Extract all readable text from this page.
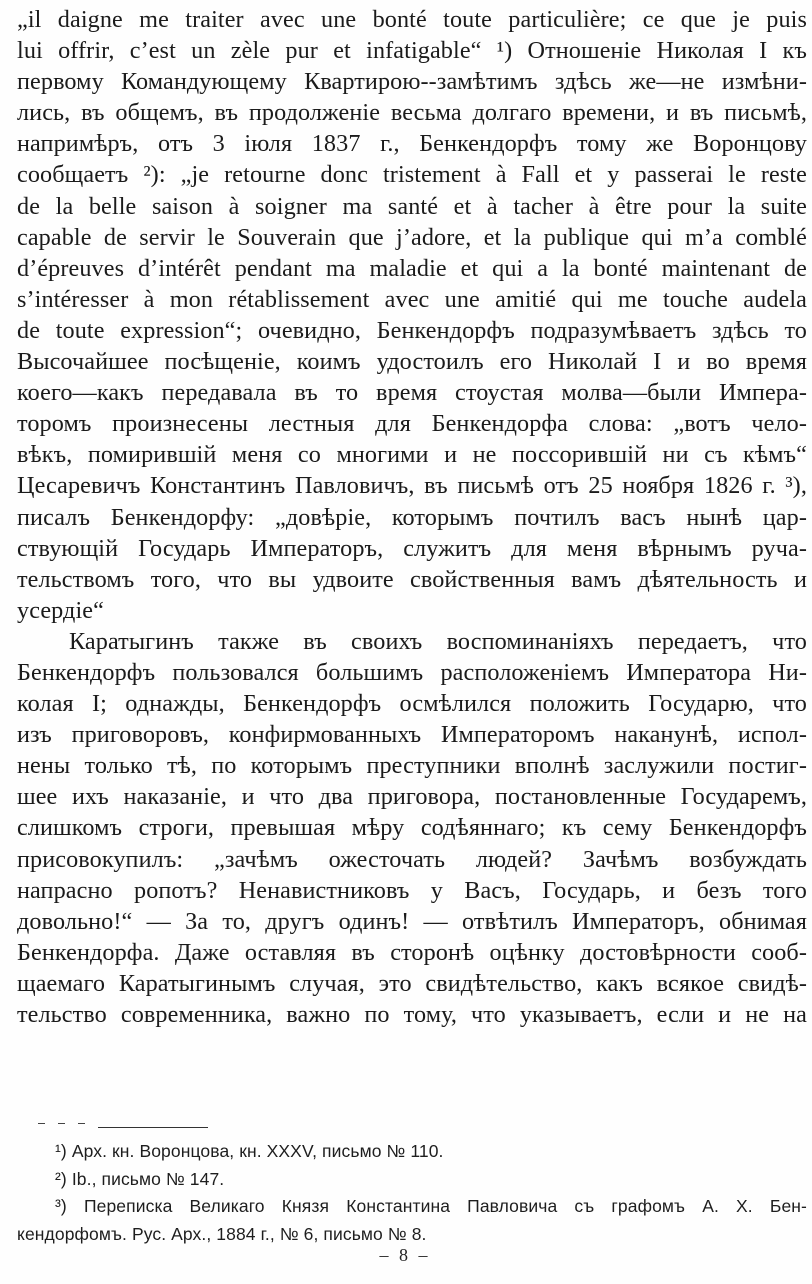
„il daigne me traiter avec une bonté toute particulière; ce que je puis
lui offrir, c’est un zèle pur et infatigable“ ¹) Отношеніе Николая I къ
первому Командующему Квартирою--замѣтимъ здѣсь же—не измѣни-
лись, въ общемъ, въ продолженіе весьма долгаго времени, и въ письмѣ,
напримѣръ, отъ 3 іюля 1837 г., Бенкендорфъ тому же Воронцову
сообщаетъ ²): „je retourne donc tristement à Fall et y passerai le reste
de la belle saison à soigner ma santé et à tacher à être pour la suite
capable de servir le Souverain que j’adore, et la publique qui m’a comblé
d’épreuves d’intérêt pendant ma maladie et qui a la bonté maintenant de
s’intéresser à mon rétablissement avec une amitié qui me touche audela
de toute expression“; очевидно, Бенкендорфъ подразумѣваетъ здѣсь то
Высочайшее посѣщеніе, коимъ удостоилъ его Николай I и во время
коего—какъ передавала въ то время стоустая молва—были Импера-
торомъ произнесены лестныя для Бенкендорфа слова: „вотъ чело-
вѣкъ, помирившій меня со многими и не поссорившій ни съ кѣмъ“
Цесаревичъ Константинъ Павловичъ, въ письмѣ отъ 25 ноября 1826 г. ³),
писалъ Бенкендорфу: „довѣріе, которымъ почтилъ васъ нынѣ цар-
ствующій Государь Императоръ, служитъ для меня вѣрнымъ руча-
тельствомъ того, что вы удвоите свойственныя вамъ дѣятельность и
усердіе“
Каратыгинъ также въ своихъ воспоминаніяхъ передаетъ, что
Бенкендорфъ пользовался большимъ расположеніемъ Императора Ни-
колая I; однажды, Бенкендорфъ осмѣлился положить Государю, что
изъ приговоровъ, конфирмованныхъ Императоромъ наканунѣ, испол-
нены только тѣ, по которымъ преступники вполнѣ заслужили постиг-
шее ихъ наказаніе, и что два приговора, постановленные Государемъ,
слишкомъ строги, превышая мѣру содѣяннаго; къ сему Бенкендорфъ
присовокупилъ: „зачѣмъ ожесточать людей? Зачѣмъ возбуждать
напрасно ропотъ? Ненавистниковъ у Васъ, Государь, и безъ того
довольно!“ — За то, другъ одинъ! — отвѣтилъ Императоръ, обнимая
Бенкендорфа. Даже оставляя въ сторонѣ оцѣнку достовѣрности сооб-
щаемаго Каратыгинымъ случая, это свидѣтельство, какъ всякое свидѣ-
тельство современника, важно по тому, что указываетъ, если и не на
¹) Арх. кн. Воронцова, кн. XXXV, письмо № 110.
²) Ib., письмо № 147.
³) Переписка Великаго Князя Константина Павловича съ графомъ А. Х. Бен-
кендорфомъ. Рус. Арх., 1884 г., № 6, письмо № 8.
– 8 –
